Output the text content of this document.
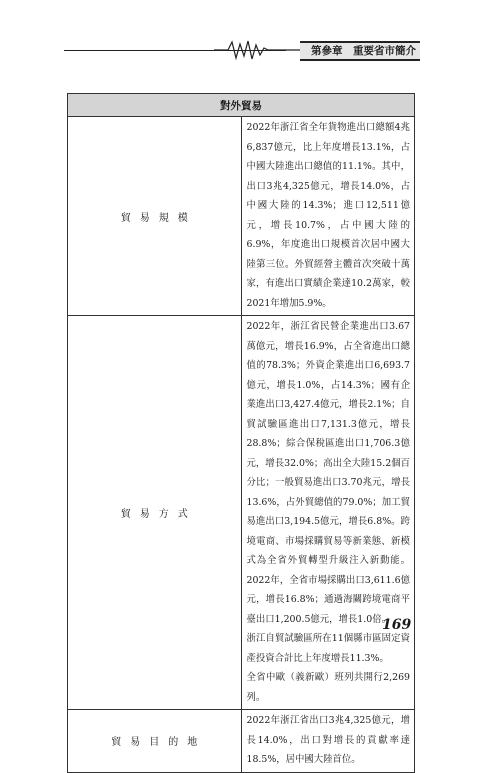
第參章　重要省市簡介
對外貿易	
貿易規模	2022年浙江省全年貨物進出口總額4兆6,837億元，比上年度增長13.1%，占中國大陸進出口總值的11.1%。其中，出口3兆4,325億元，增長14.0%，占中國大陸的14.3%；進口12,511億元，增長10.7%，占中國大陸的6.9%，年度進出口規模首次居中國大陸第三位。外貿經營主體首次突破十萬家，有進出口實績企業達10.2萬家，較2021年增加5.9%。

貿易方式	2022年，浙江省民營企業進出口3.67萬億元，增長16.9%，占全省進出口總值的78.3%；外資企業進出口6,693.7億元，增長1.0%，占14.3%；國有企業進出口3,427.4億元，增長2.1%；自貿試驗區進出口7,131.3億元，增長28.8%；綜合保稅區進出口1,706.3億元，增長32.0%；高出全大陸15.2個百分比；一般貿易進出口3.70兆元，增長13.6%，占外貿總值的79.0%；加工貿易進出口3,194.5億元，增長6.8%。跨境電商、市場採購貿易等新業態、新模式為全省外貿轉型升級注入新動能。2022年，全省市場採購出口3,611.6億元，增長16.8%；通過海關跨境電商平臺出口1,200.5億元，增長1.0倍。
浙江自貿試驗區所在11個縣市區固定資產投資合計比上年度增長11.3%。
全省中歐（義新歐）班列共開行2,269列。

貿易目的地	2022年浙江省出口3兆4,325億元，增長14.0%，出口對增長的貢獻率達18.5%，居中國大陸首位。
169
